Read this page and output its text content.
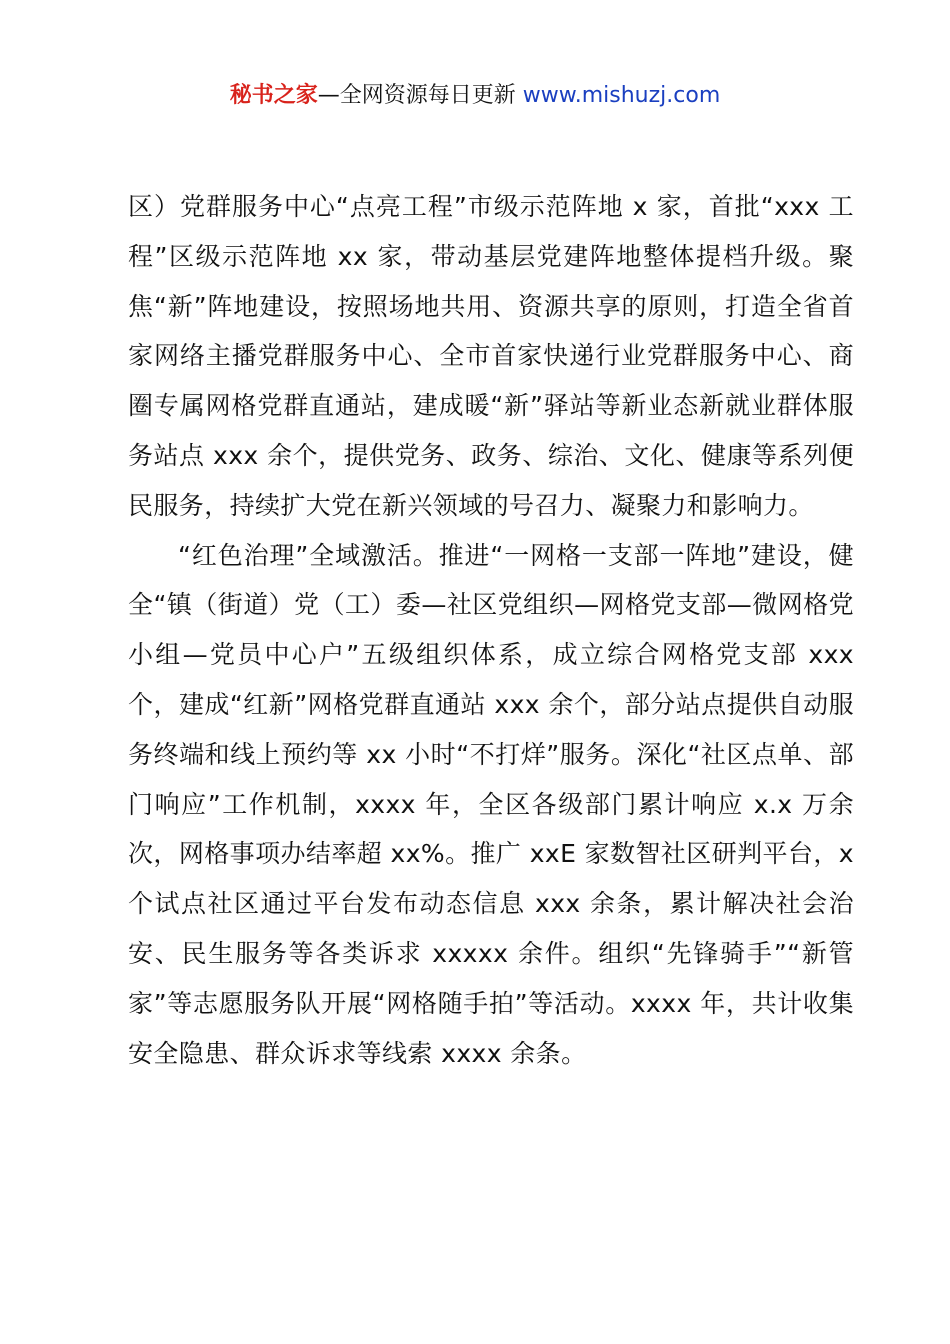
秘书之家—全网资源每日更新 www.mishuzj.com

区）党群服务中心“点亮工程”市级示范阵地 x 家，首批“xxx 工程”区级示范阵地 xx 家，带动基层党建阵地整体提档升级。聚焦“新”阵地建设，按照场地共用、资源共享的原则，打造全省首家网络主播党群服务中心、全市首家快递行业党群服务中心、商圈专属网格党群直通站，建成暖“新”驿站等新业态新就业群体服务站点 xxx 余个，提供党务、政务、综治、文化、健康等系列便民服务，持续扩大党在新兴领域的号召力、凝聚力和影响力。

“红色治理”全域激活。推进“一网格一支部一阵地”建设，健全“镇（街道）党（工）委—社区党组织—网格党支部—微网格党小组—党员中心户”五级组织体系，成立综合网格党支部 xxx 个，建成“红新”网格党群直通站 xxx 余个，部分站点提供自动服务终端和线上预约等 xx 小时“不打烊”服务。深化“社区点单、部门响应”工作机制，xxxx 年，全区各级部门累计响应 x.x 万余次，网格事项办结率超 xx%。推广 xxE 家数智社区研判平台，x 个试点社区通过平台发布动态信息 xxx 余条，累计解决社会治安、民生服务等各类诉求 xxxxx 余件。组织“先锋骑手”“新管家”等志愿服务队开展“网格随手拍”等活动。xxxx 年，共计收集安全隐患、群众诉求等线索 xxxx 余条。
